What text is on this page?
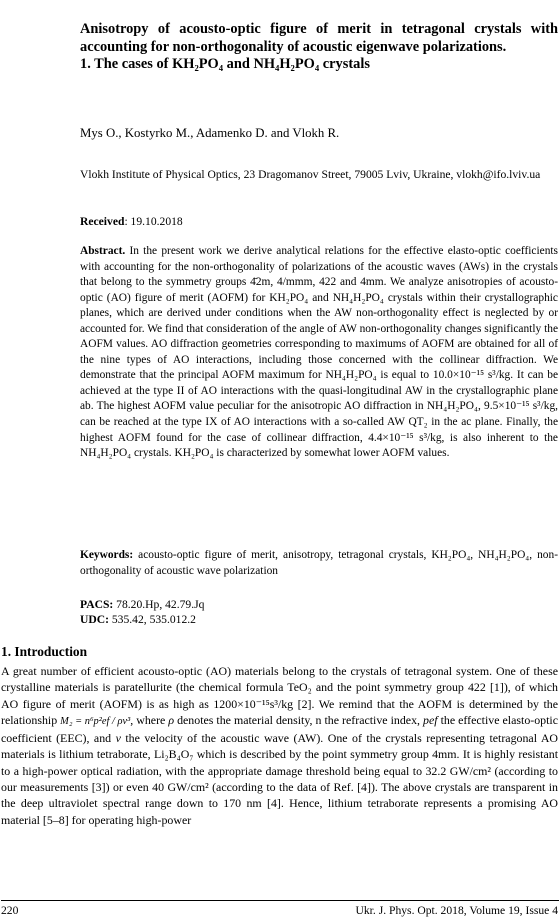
Anisotropy of acousto-optic figure of merit in tetragonal crystals with accounting for non-orthogonality of acoustic eigenwave polarizations.
1. The cases of KH₂PO₄ and NH₄H₂PO₄ crystals
Mys O., Kostyrko M., Adamenko D. and Vlokh R.
Vlokh Institute of Physical Optics, 23 Dragomanov Street, 79005 Lviv, Ukraine, vlokh@ifo.lviv.ua
Received: 19.10.2018
Abstract. In the present work we derive analytical relations for the effective elasto-optic coefficients with accounting for the non-orthogonality of polarizations of the acoustic waves (AWs) in the crystals that belong to the symmetry groups 4̄2m, 4/mmm, 422 and 4mm. We analyze anisotropies of acousto-optic (AO) figure of merit (AOFM) for KH₂PO₄ and NH₄H₂PO₄ crystals within their crystallographic planes, which are derived under conditions when the AW non-orthogonality effect is neglected by or accounted for. We find that consideration of the angle of AW non-orthogonality changes significantly the AOFM values. AO diffraction geometries corresponding to maximums of AOFM are obtained for all of the nine types of AO interactions, including those concerned with the collinear diffraction. We demonstrate that the principal AOFM maximum for NH₄H₂PO₄ is equal to 10.0×10⁻¹⁵ s³/kg. It can be achieved at the type II of AO interactions with the quasi-longitudinal AW in the crystallographic plane ab. The highest AOFM value peculiar for the anisotropic AO diffraction in NH₄H₂PO₄, 9.5×10⁻¹⁵ s³/kg, can be reached at the type IX of AO interactions with a so-called AW QT₂ in the ac plane. Finally, the highest AOFM found for the case of collinear diffraction, 4.4×10⁻¹⁵ s³/kg, is also inherent to the NH₄H₂PO₄ crystals. KH₂PO₄ is characterized by somewhat lower AOFM values.
Keywords: acousto-optic figure of merit, anisotropy, tetragonal crystals, KH₂PO₄, NH₄H₂PO₄, non-orthogonality of acoustic wave polarization
PACS: 78.20.Hp, 42.79.Jq
UDC: 535.42, 535.012.2
1. Introduction
A great number of efficient acousto-optic (AO) materials belong to the crystals of tetragonal system. One of these crystalline materials is paratellurite (the chemical formula TeO₂ and the point symmetry group 422 [1]), of which AO figure of merit (AOFM) is as high as 1200×10⁻¹⁵s³/kg [2]. We remind that the AOFM is determined by the relationship M₂ = n⁶p²ef / ρv³, where ρ denotes the material density, n the refractive index, pef the effective elasto-optic coefficient (EEC), and v the velocity of the acoustic wave (AW). One of the crystals representing tetragonal AO materials is lithium tetraborate, Li₂B₄O₇ which is described by the point symmetry group 4mm. It is highly resistant to a high-power optical radiation, with the appropriate damage threshold being equal to 32.2 GW/cm² (according to our measurements [3]) or even 40 GW/cm² (according to the data of Ref. [4]). The above crystals are transparent in the deep ultraviolet spectral range down to 170 nm [4]. Hence, lithium tetraborate represents a promising AO material [5–8] for operating high-power
220	Ukr. J. Phys. Opt. 2018, Volume 19, Issue 4
